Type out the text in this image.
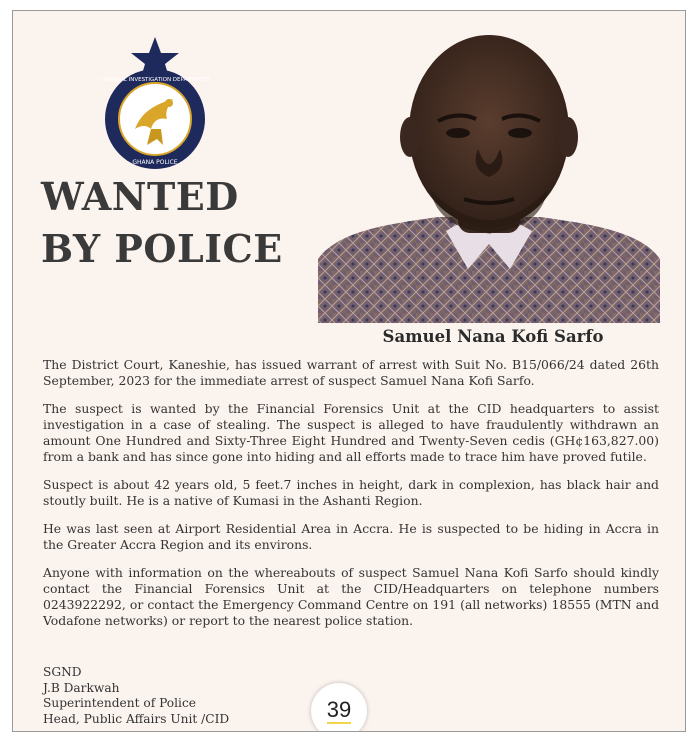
CRIMINAL INVESTIGATION DEPARTMENT
GHANA POLICE
WANTED
BY POLICE
Samuel Nana Kofi Sarfo

The District Court, Kaneshie, has issued warrant of arrest with Suit No. B15/066/24 dated 26th September, 2023 for the immediate arrest of suspect Samuel Nana Kofi Sarfo.

The suspect is wanted by the Financial Forensics Unit at the CID headquarters to assist investigation in a case of stealing. The suspect is alleged to have fraudulently withdrawn an amount One Hundred and Sixty-Three Eight Hundred and Twenty-Seven cedis (GH¢163,827.00) from a bank and has since gone into hiding and all efforts made to trace him have proved futile.

Suspect is about 42 years old, 5 feet.7 inches in height, dark in complexion, has black hair and stoutly built. He is a native of Kumasi in the Ashanti Region.

He was last seen at Airport Residential Area in Accra. He is suspected to be hiding in Accra in the Greater Accra Region and its environs.

Anyone with information on the whereabouts of suspect Samuel Nana Kofi Sarfo should kindly contact the Financial Forensics Unit at the CID/Headquarters on telephone numbers 0243922292, or contact the Emergency Command Centre on 191 (all networks) 18555 (MTN and Vodafone networks) or report to the nearest police station.

SGND
J.B Darkwah
Superintendent of Police
Head, Public Affairs Unit /CID	39
